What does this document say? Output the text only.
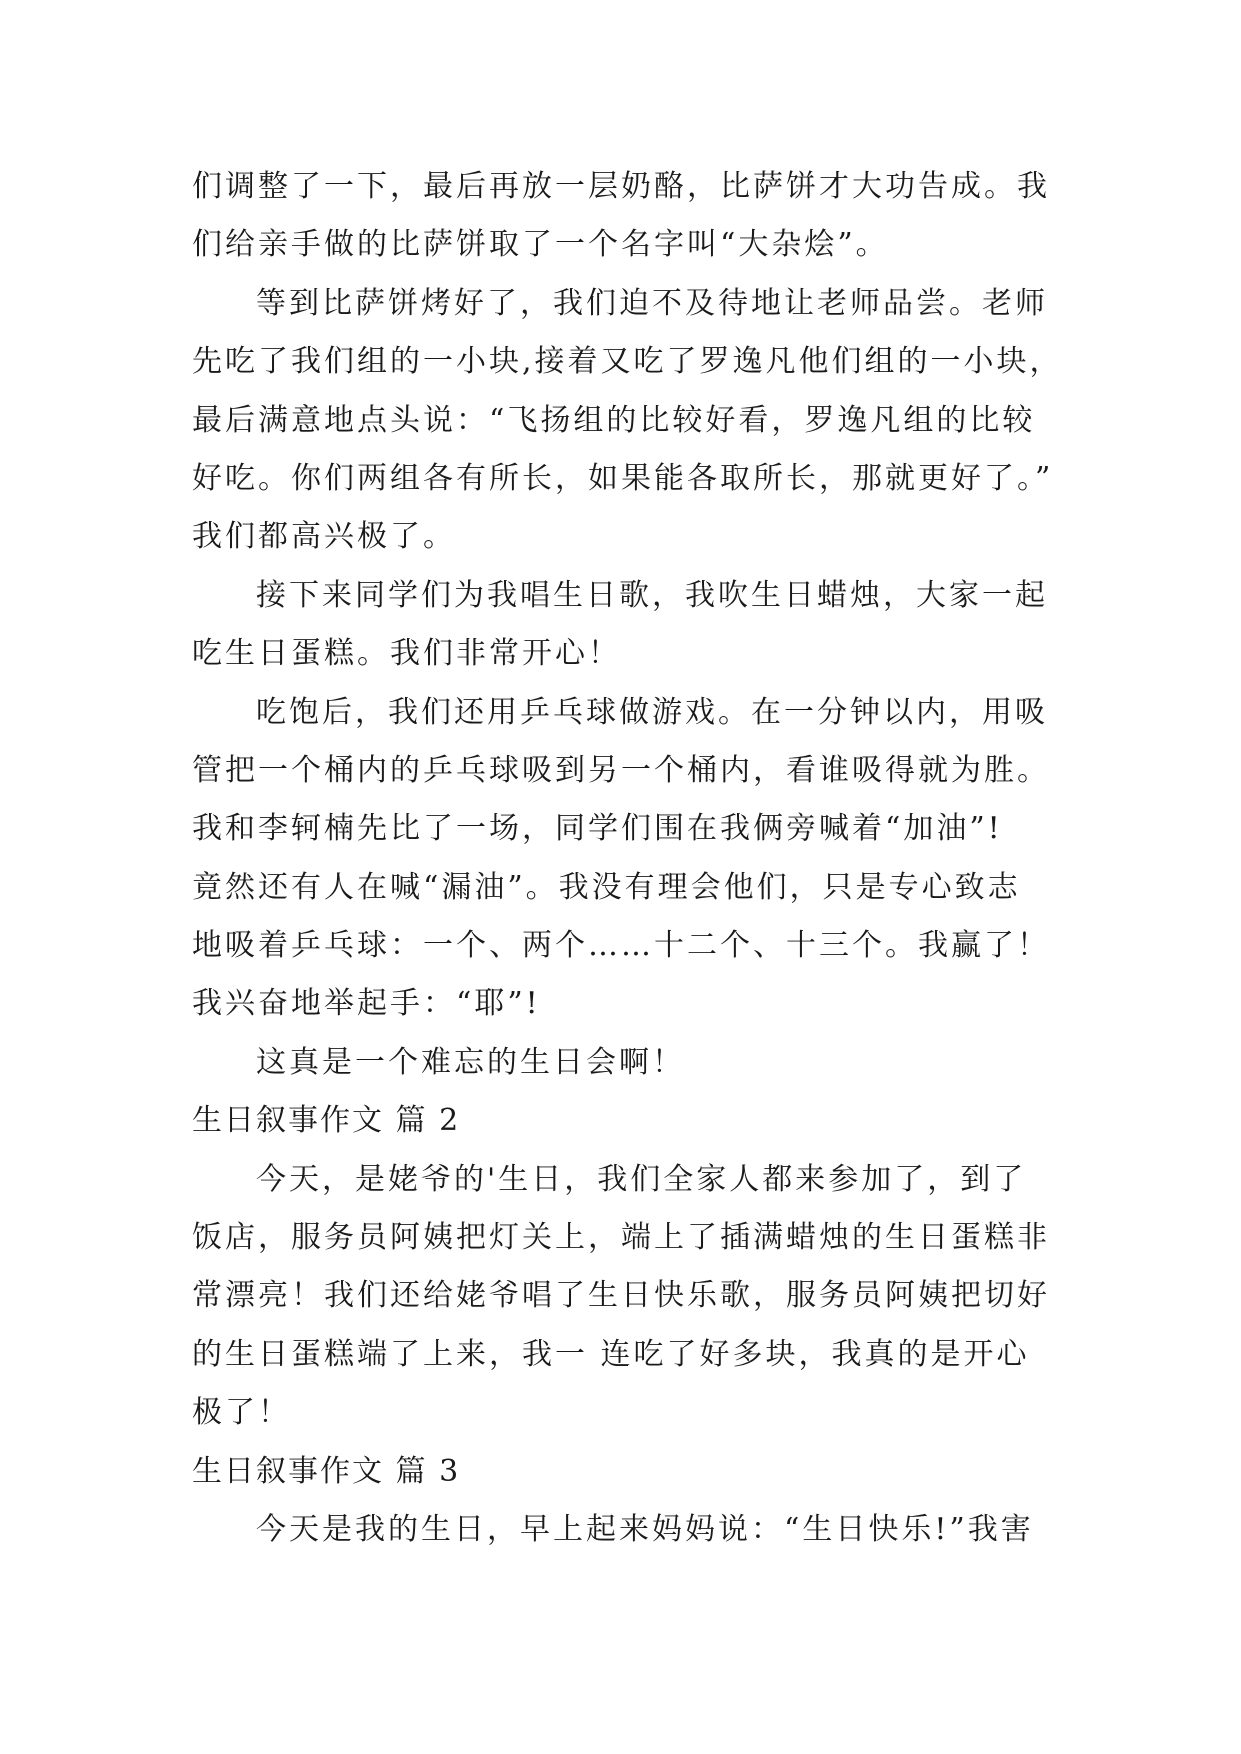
们调整了一下，最后再放一层奶酪，比萨饼才大功告成。我
们给亲手做的比萨饼取了一个名字叫“大杂烩”。
等到比萨饼烤好了，我们迫不及待地让老师品尝。老师
先吃了我们组的一小块,接着又吃了罗逸凡他们组的一小块，
最后满意地点头说：“飞扬组的比较好看，罗逸凡组的比较
好吃。你们两组各有所长，如果能各取所长，那就更好了。”
我们都高兴极了。
接下来同学们为我唱生日歌，我吹生日蜡烛，大家一起
吃生日蛋糕。我们非常开心！
吃饱后，我们还用乒乓球做游戏。在一分钟以内，用吸
管把一个桶内的乒乓球吸到另一个桶内，看谁吸得就为胜。
我和李轲楠先比了一场，同学们围在我俩旁喊着“加油”!
竟然还有人在喊“漏油”。我没有理会他们，只是专心致志
地吸着乒乓球：一个、两个……十二个、十三个。我赢了！
我兴奋地举起手：“耶”!
这真是一个难忘的生日会啊！
生日叙事作文 篇 2
今天，是姥爷的'生日，我们全家人都来参加了，到了
饭店，服务员阿姨把灯关上，端上了插满蜡烛的生日蛋糕非
常漂亮！我们还给姥爷唱了生日快乐歌，服务员阿姨把切好
的生日蛋糕端了上来，我一 连吃了好多块，我真的是开心
极了！
生日叙事作文 篇 3
今天是我的生日，早上起来妈妈说：“生日快乐!”我害
